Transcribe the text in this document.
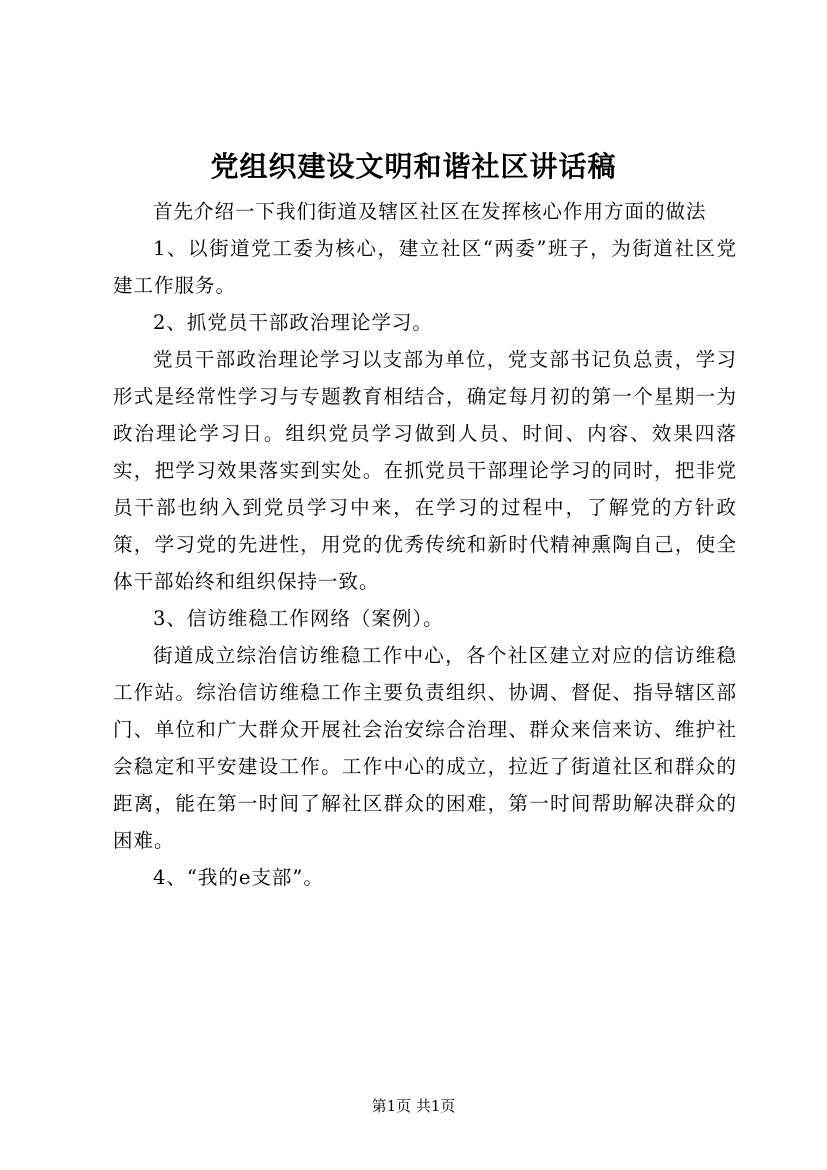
党组织建设文明和谐社区讲话稿

首先介绍一下我们街道及辖区社区在发挥核心作用方面的做法

1、以街道党工委为核心，建立社区“两委”班子，为街道社区党建工作服务。

2、抓党员干部政治理论学习。

党员干部政治理论学习以支部为单位，党支部书记负总责，学习形式是经常性学习与专题教育相结合，确定每月初的第一个星期一为政治理论学习日。组织党员学习做到人员、时间、内容、效果四落实，把学习效果落实到实处。在抓党员干部理论学习的同时，把非党员干部也纳入到党员学习中来，在学习的过程中，了解党的方针政策，学习党的先进性，用党的优秀传统和新时代精神熏陶自己，使全体干部始终和组织保持一致。

3、信访维稳工作网络（案例）。

街道成立综治信访维稳工作中心，各个社区建立对应的信访维稳工作站。综治信访维稳工作主要负责组织、协调、督促、指导辖区部门、单位和广大群众开展社会治安综合治理、群众来信来访、维护社会稳定和平安建设工作。工作中心的成立，拉近了街道社区和群众的距离，能在第一时间了解社区群众的困难，第一时间帮助解决群众的困难。

4、“我的e支部”。

第1页 共1页
